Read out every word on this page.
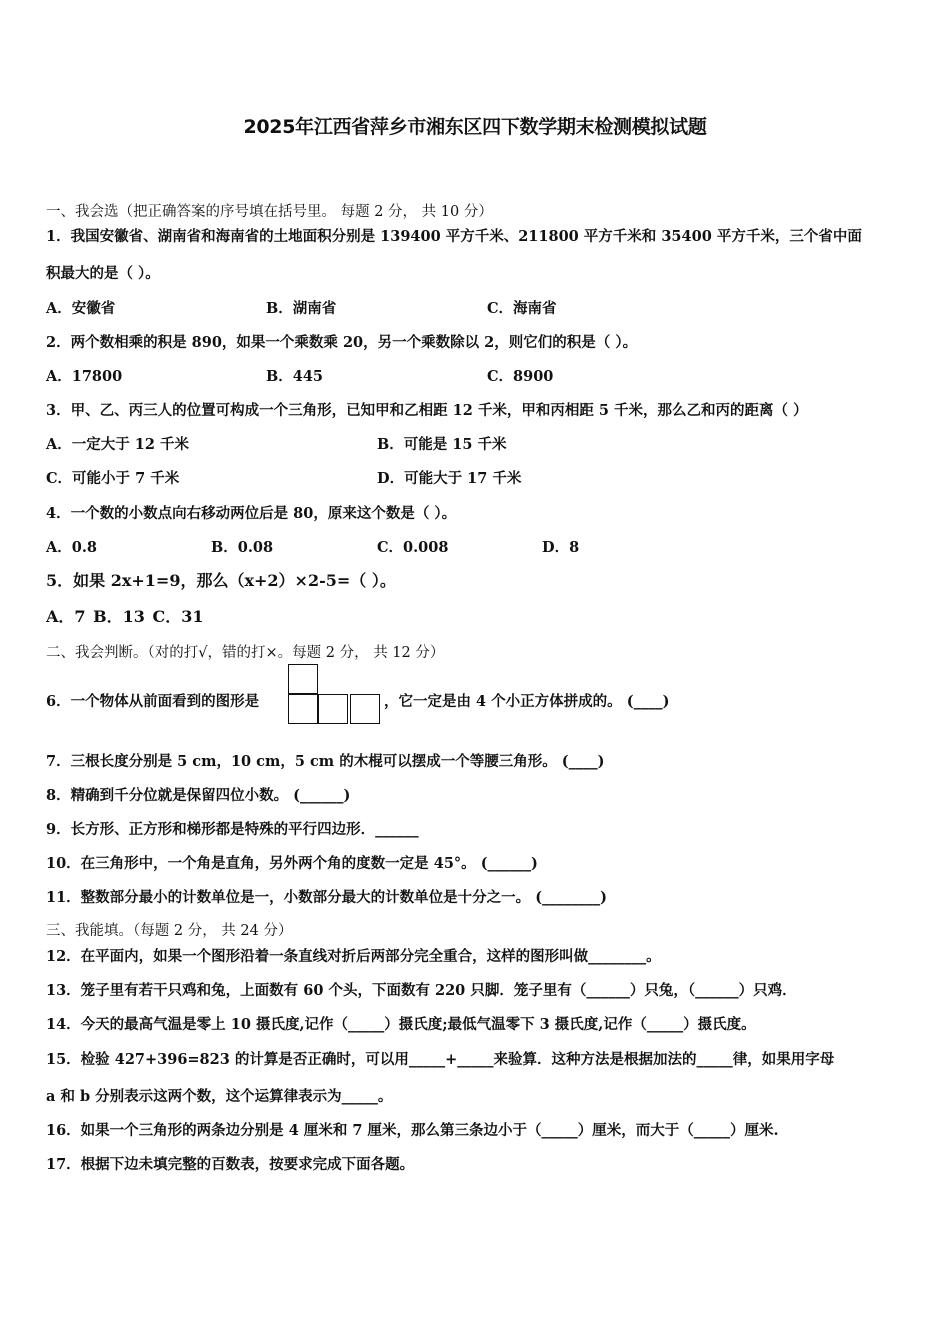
2025年江西省萍乡市湘东区四下数学期末检测模拟试题
一、我会选（把正确答案的序号填在括号里。 每题 2 分， 共 10 分）
1．我国安徽省、湖南省和海南省的土地面积分别是 139400 平方千米、211800 平方千米和 35400 平方千米，三个省中面
积最大的是（ ）。
A．安徽省	B．湖南省	C．海南省
2．两个数相乘的积是 890，如果一个乘数乘 20，另一个乘数除以 2，则它们的积是（ ）。
A．17800	B．445	C．8900
3．甲、乙、丙三人的位置可构成一个三角形，已知甲和乙相距 12 千米，甲和丙相距 5 千米，那么乙和丙的距离（ ）
A．一定大于 12 千米	B．可能是 15 千米
C．可能小于 7 千米	D．可能大于 17 千米
4．一个数的小数点向右移动两位后是 80，原来这个数是（ ）。
A．0.8	B．0.08	C．0.008	D．8
5．如果 2x+1=9，那么（x+2）×2-5=（ ）。
A．7 B．13 C．31
二、我会判断。（对的打√，错的打×。每题 2 分， 共 12 分）
6．一个物体从前面看到的图形是	，它一定是由 4 个小正方体拼成的。 (____)
7．三根长度分别是 5 cm，10 cm，5 cm 的木棍可以摆成一个等腰三角形。 (____)
8．精确到千分位就是保留四位小数。 (______)
9．长方形、正方形和梯形都是特殊的平行四边形．______
10．在三角形中，一个角是直角，另外两个角的度数一定是 45°。 (______)
11．整数部分最小的计数单位是一，小数部分最大的计数单位是十分之一。 (________)
三、我能填。（每题 2 分， 共 24 分）
12．在平面内，如果一个图形沿着一条直线对折后两部分完全重合，这样的图形叫做________。
13．笼子里有若干只鸡和兔，上面数有 60 个头，下面数有 220 只脚．笼子里有（______）只兔，（______）只鸡．
14．今天的最高气温是零上 10 摄氏度,记作（_____）摄氏度;最低气温零下 3 摄氏度,记作（_____）摄氏度。
15．检验 427+396=823 的计算是否正确时，可以用_____+_____来验算．这种方法是根据加法的_____律，如果用字母
a 和 b 分别表示这两个数，这个运算律表示为_____。
16．如果一个三角形的两条边分别是 4 厘米和 7 厘米，那么第三条边小于（_____）厘米，而大于（_____）厘米.
17．根据下边未填完整的百数表，按要求完成下面各题。
